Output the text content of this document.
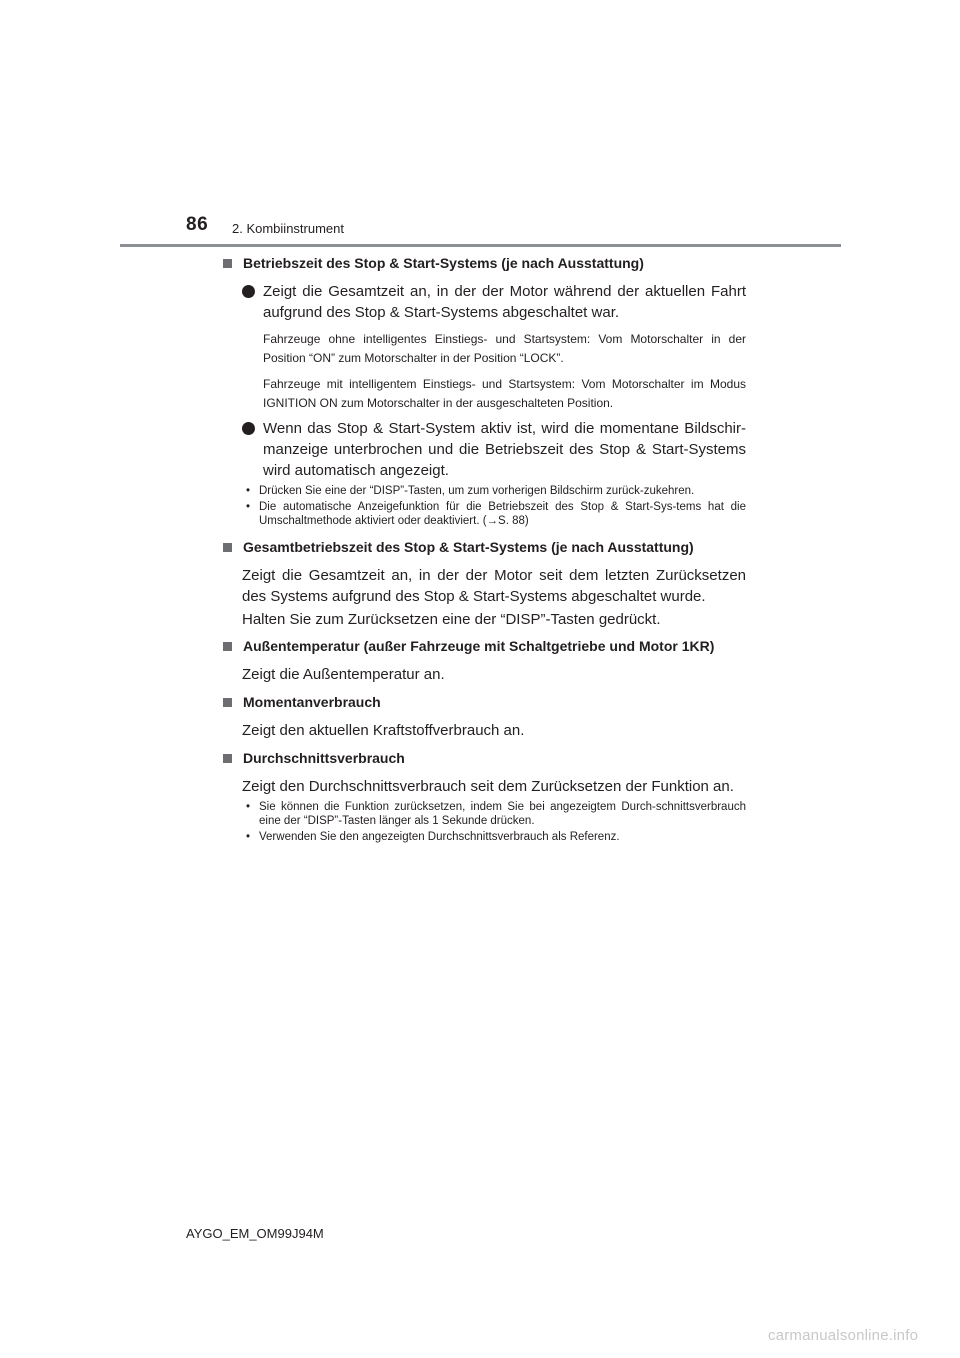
86 2. Kombiinstrument
Betriebszeit des Stop & Start-Systems (je nach Ausstattung)
Zeigt die Gesamtzeit an, in der der Motor während der aktuellen Fahrt aufgrund des Stop & Start-Systems abgeschaltet war.
Fahrzeuge ohne intelligentes Einstiegs- und Startsystem: Vom Motorschalter in der Position “ON” zum Motorschalter in der Position “LOCK”.
Fahrzeuge mit intelligentem Einstiegs- und Startsystem: Vom Motorschalter im Modus IGNITION ON zum Motorschalter in der ausgeschalteten Position.
Wenn das Stop & Start-System aktiv ist, wird die momentane Bildschir-manzeige unterbrochen und die Betriebszeit des Stop & Start-Systems wird automatisch angezeigt.
• Drücken Sie eine der “DISP”-Tasten, um zum vorherigen Bildschirm zurück-zukehren.
• Die automatische Anzeigefunktion für die Betriebszeit des Stop & Start-Sys-tems hat die Umschaltmethode aktiviert oder deaktiviert. (→S. 88)
Gesamtbetriebszeit des Stop & Start-Systems (je nach Ausstattung)
Zeigt die Gesamtzeit an, in der der Motor seit dem letzten Zurücksetzen des Systems aufgrund des Stop & Start-Systems abgeschaltet wurde.
Halten Sie zum Zurücksetzen eine der “DISP”-Tasten gedrückt.
Außentemperatur (außer Fahrzeuge mit Schaltgetriebe und Motor 1KR)
Zeigt die Außentemperatur an.
Momentanverbrauch
Zeigt den aktuellen Kraftstoffverbrauch an.
Durchschnittsverbrauch
Zeigt den Durchschnittsverbrauch seit dem Zurücksetzen der Funktion an.
• Sie können die Funktion zurücksetzen, indem Sie bei angezeigtem Durch-schnittsverbrauch eine der “DISP”-Tasten länger als 1 Sekunde drücken.
• Verwenden Sie den angezeigten Durchschnittsverbrauch als Referenz.
AYGO_EM_OM99J94M
carmanualsonline.info
